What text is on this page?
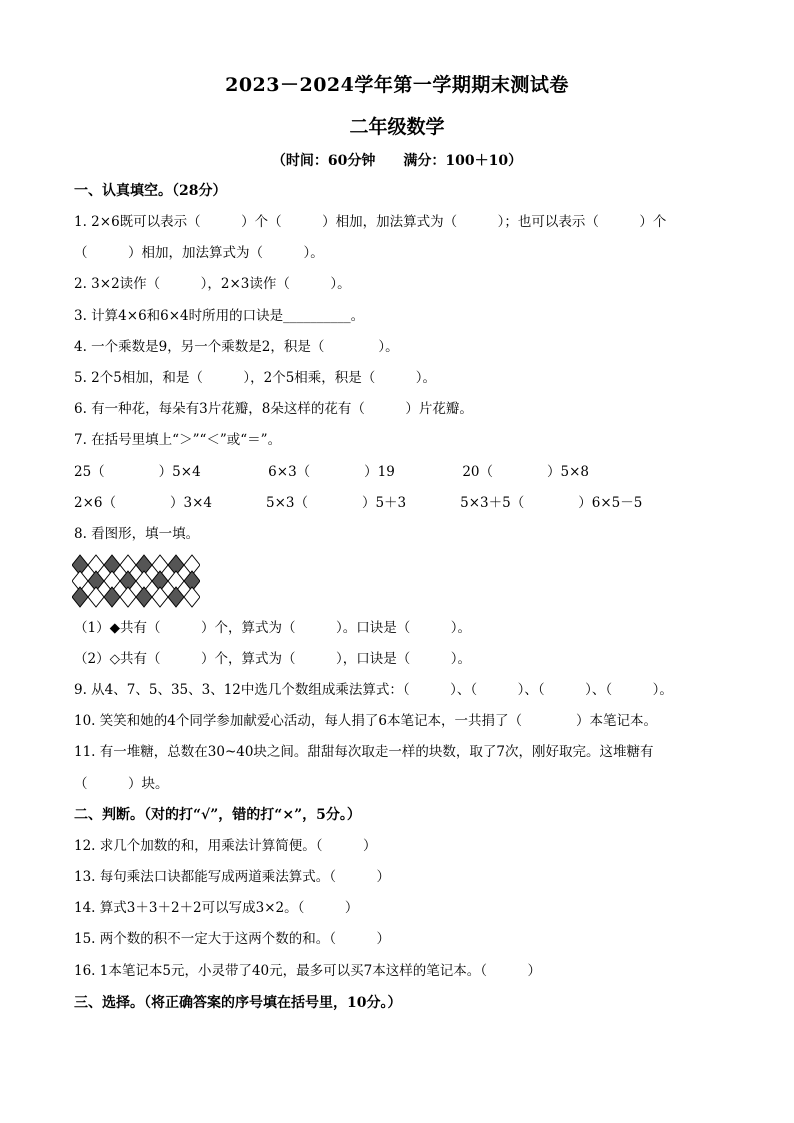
2023－2024学年第一学期期末测试卷
二年级数学
（时间：60分钟　　满分：100＋10）
一、认真填空。（28分）
1. 2×6既可以表示（　　　）个（　　　）相加，加法算式为（　　　）；也可以表示（　　　）个
（　　　）相加，加法算式为（　　　）。
2. 3×2读作（　　　），2×3读作（　　　）。
3. 计算4×6和6×4时所用的口诀是__________。
4. 一个乘数是9，另一个乘数是2，积是（　　　　）。
5. 2个5相加，和是（　　　），2个5相乘，积是（　　　）。
6. 有一种花，每朵有3片花瓣，8朵这样的花有（　　　）片花瓣。
7. 在括号里填上“＞”“＜”或“＝”。
25（　　　　）5×4　　　　　6×3（　　　　）19　　　　　20（　　　　）5×8
2×6（　　　　）3×4　　　　5×3（　　　　）5＋3　　　　5×3＋5（　　　　）6×5－5
8. 看图形，填一填。
（1）◆共有（　　　）个，算式为（　　　）。口诀是（　　　）。
（2）◇共有（　　　）个，算式为（　　　），口诀是（　　　）。
9. 从4、7、5、35、3、12中选几个数组成乘法算式：（　　　）、（　　　）、（　　　）、（　　　）。
10. 笑笑和她的4个同学参加献爱心活动，每人捐了6本笔记本，一共捐了（　　　　）本笔记本。
11. 有一堆糖，总数在30~40块之间。甜甜每次取走一样的块数，取了7次，刚好取完。这堆糖有
（　　　）块。
二、判断。（对的打“√”，错的打“×”，5分。）
12. 求几个加数的和，用乘法计算简便。（　　　）
13. 每句乘法口诀都能写成两道乘法算式。（　　　）
14. 算式3＋3＋2＋2可以写成3×2。（　　　）
15. 两个数的积不一定大于这两个数的和。（　　　）
16. 1本笔记本5元，小灵带了40元，最多可以买7本这样的笔记本。（　　　）
三、选择。（将正确答案的序号填在括号里，10分。）
